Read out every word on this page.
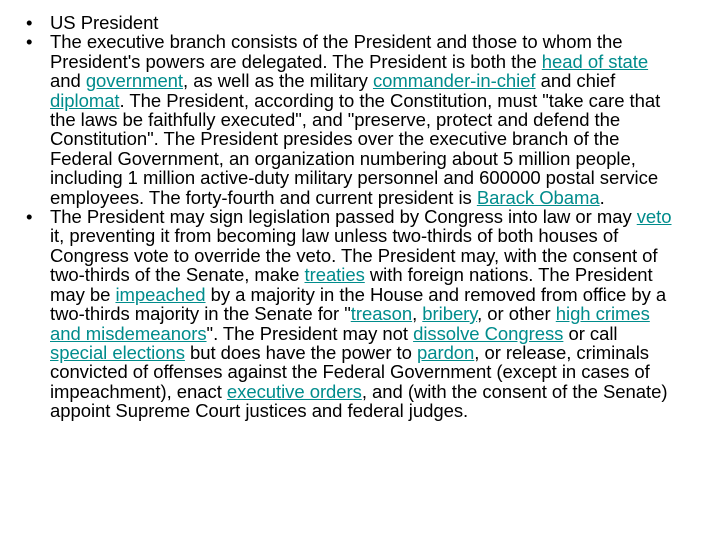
• US President
• The executive branch consists of the President and those to whom the President's powers are delegated. The President is both the head of state and government, as well as the military commander-in-chief and chief diplomat. The President, according to the Constitution, must "take care that the laws be faithfully executed", and "preserve, protect and defend the Constitution". The President presides over the executive branch of the Federal Government, an organization numbering about 5 million people, including 1 million active-duty military personnel and 600000 postal service employees. The forty-fourth and current president is Barack Obama.
• The President may sign legislation passed by Congress into law or may veto it, preventing it from becoming law unless two-thirds of both houses of Congress vote to override the veto. The President may, with the consent of two-thirds of the Senate, make treaties with foreign nations. The President may be impeached by a majority in the House and removed from office by a two-thirds majority in the Senate for "treason, bribery, or other high crimes and misdemeanors". The President may not dissolve Congress or call special elections but does have the power to pardon, or release, criminals convicted of offenses against the Federal Government (except in cases of impeachment), enact executive orders, and (with the consent of the Senate) appoint Supreme Court justices and federal judges.
